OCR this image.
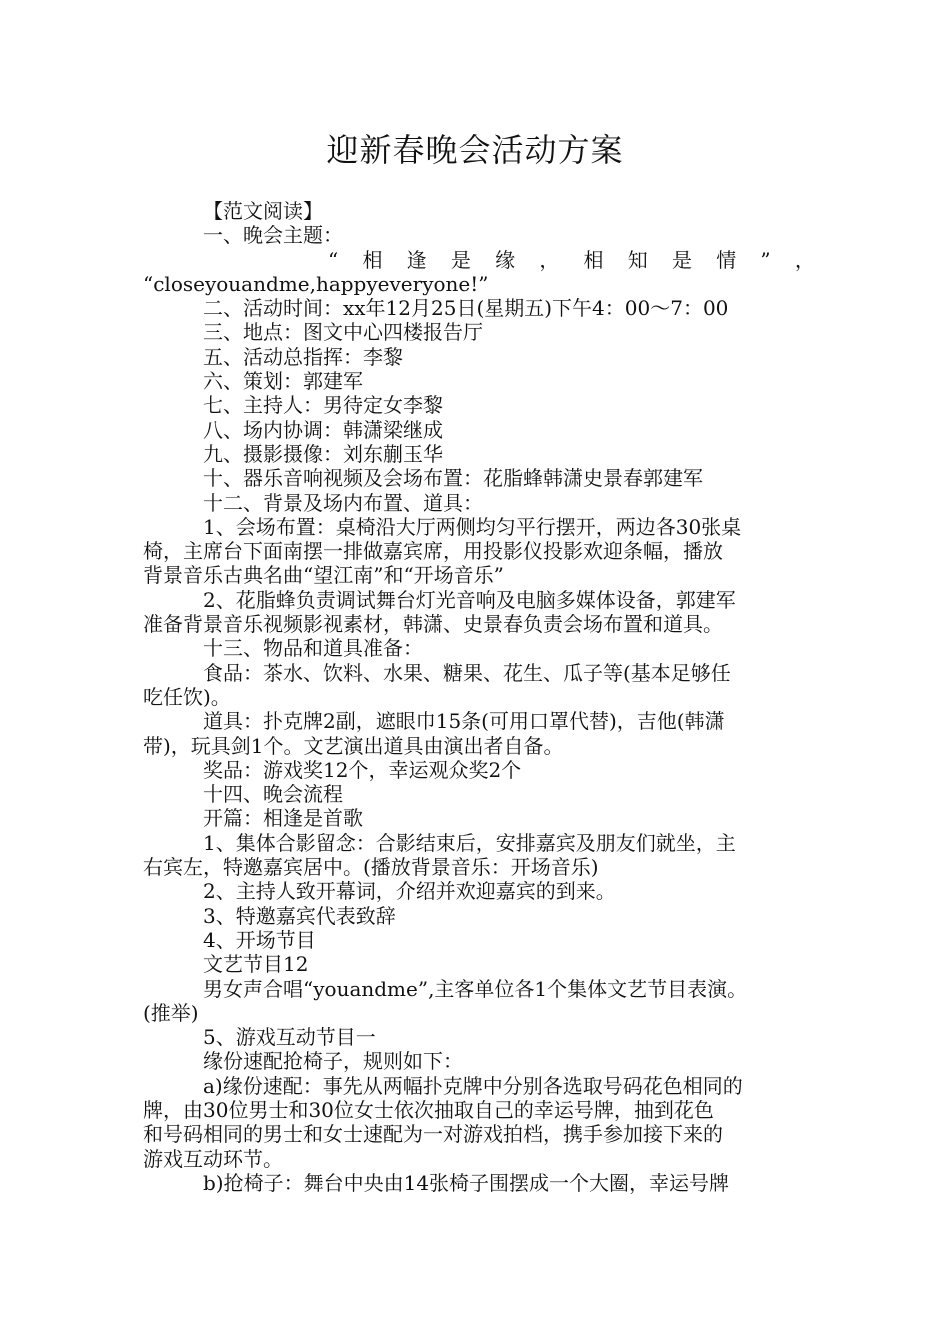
迎新春晚会活动方案

【范文阅读】

一、晚会主题：

“ 相 逢 是 缘 ， 相 知 是 情 ” ，

“closeyouandme,happyeveryone!”

二、活动时间：xx年12月25日(星期五)下午4：00～7：00

三、地点：图文中心四楼报告厅

五、活动总指挥：李黎

六、策划：郭建军

七、主持人：男待定女李黎

八、场内协调：韩潇梁继成

九、摄影摄像：刘东蒯玉华

十、器乐音响视频及会场布置：花脂蜂韩潇史景春郭建军

十二、背景及场内布置、道具：

1、会场布置：桌椅沿大厅两侧均匀平行摆开，两边各30张桌

椅，主席台下面南摆一排做嘉宾席，用投影仪投影欢迎条幅，播放

背景音乐古典名曲“望江南”和“开场音乐”

2、花脂蜂负责调试舞台灯光音响及电脑多媒体设备，郭建军

准备背景音乐视频影视素材，韩潇、史景春负责会场布置和道具。

十三、物品和道具准备：

食品：茶水、饮料、水果、糖果、花生、瓜子等(基本足够任

吃任饮)。

道具：扑克牌2副，遮眼巾15条(可用口罩代替)，吉他(韩潇

带)，玩具剑1个。文艺演出道具由演出者自备。

奖品：游戏奖12个，幸运观众奖2个

十四、晚会流程

开篇：相逢是首歌

1、集体合影留念：合影结束后，安排嘉宾及朋友们就坐，主

右宾左，特邀嘉宾居中。(播放背景音乐：开场音乐)

2、主持人致开幕词，介绍并欢迎嘉宾的到来。

3、特邀嘉宾代表致辞

4、开场节目

文艺节目12

男女声合唱“youandme”,主客单位各1个集体文艺节目表演。

(推举)

5、游戏互动节目一

缘份速配抢椅子，规则如下：

a)缘份速配：事先从两幅扑克牌中分别各选取号码花色相同的

牌，由30位男士和30位女士依次抽取自己的幸运号牌，抽到花色

和号码相同的男士和女士速配为一对游戏拍档，携手参加接下来的

游戏互动环节。

b)抢椅子：舞台中央由14张椅子围摆成一个大圈，幸运号牌
